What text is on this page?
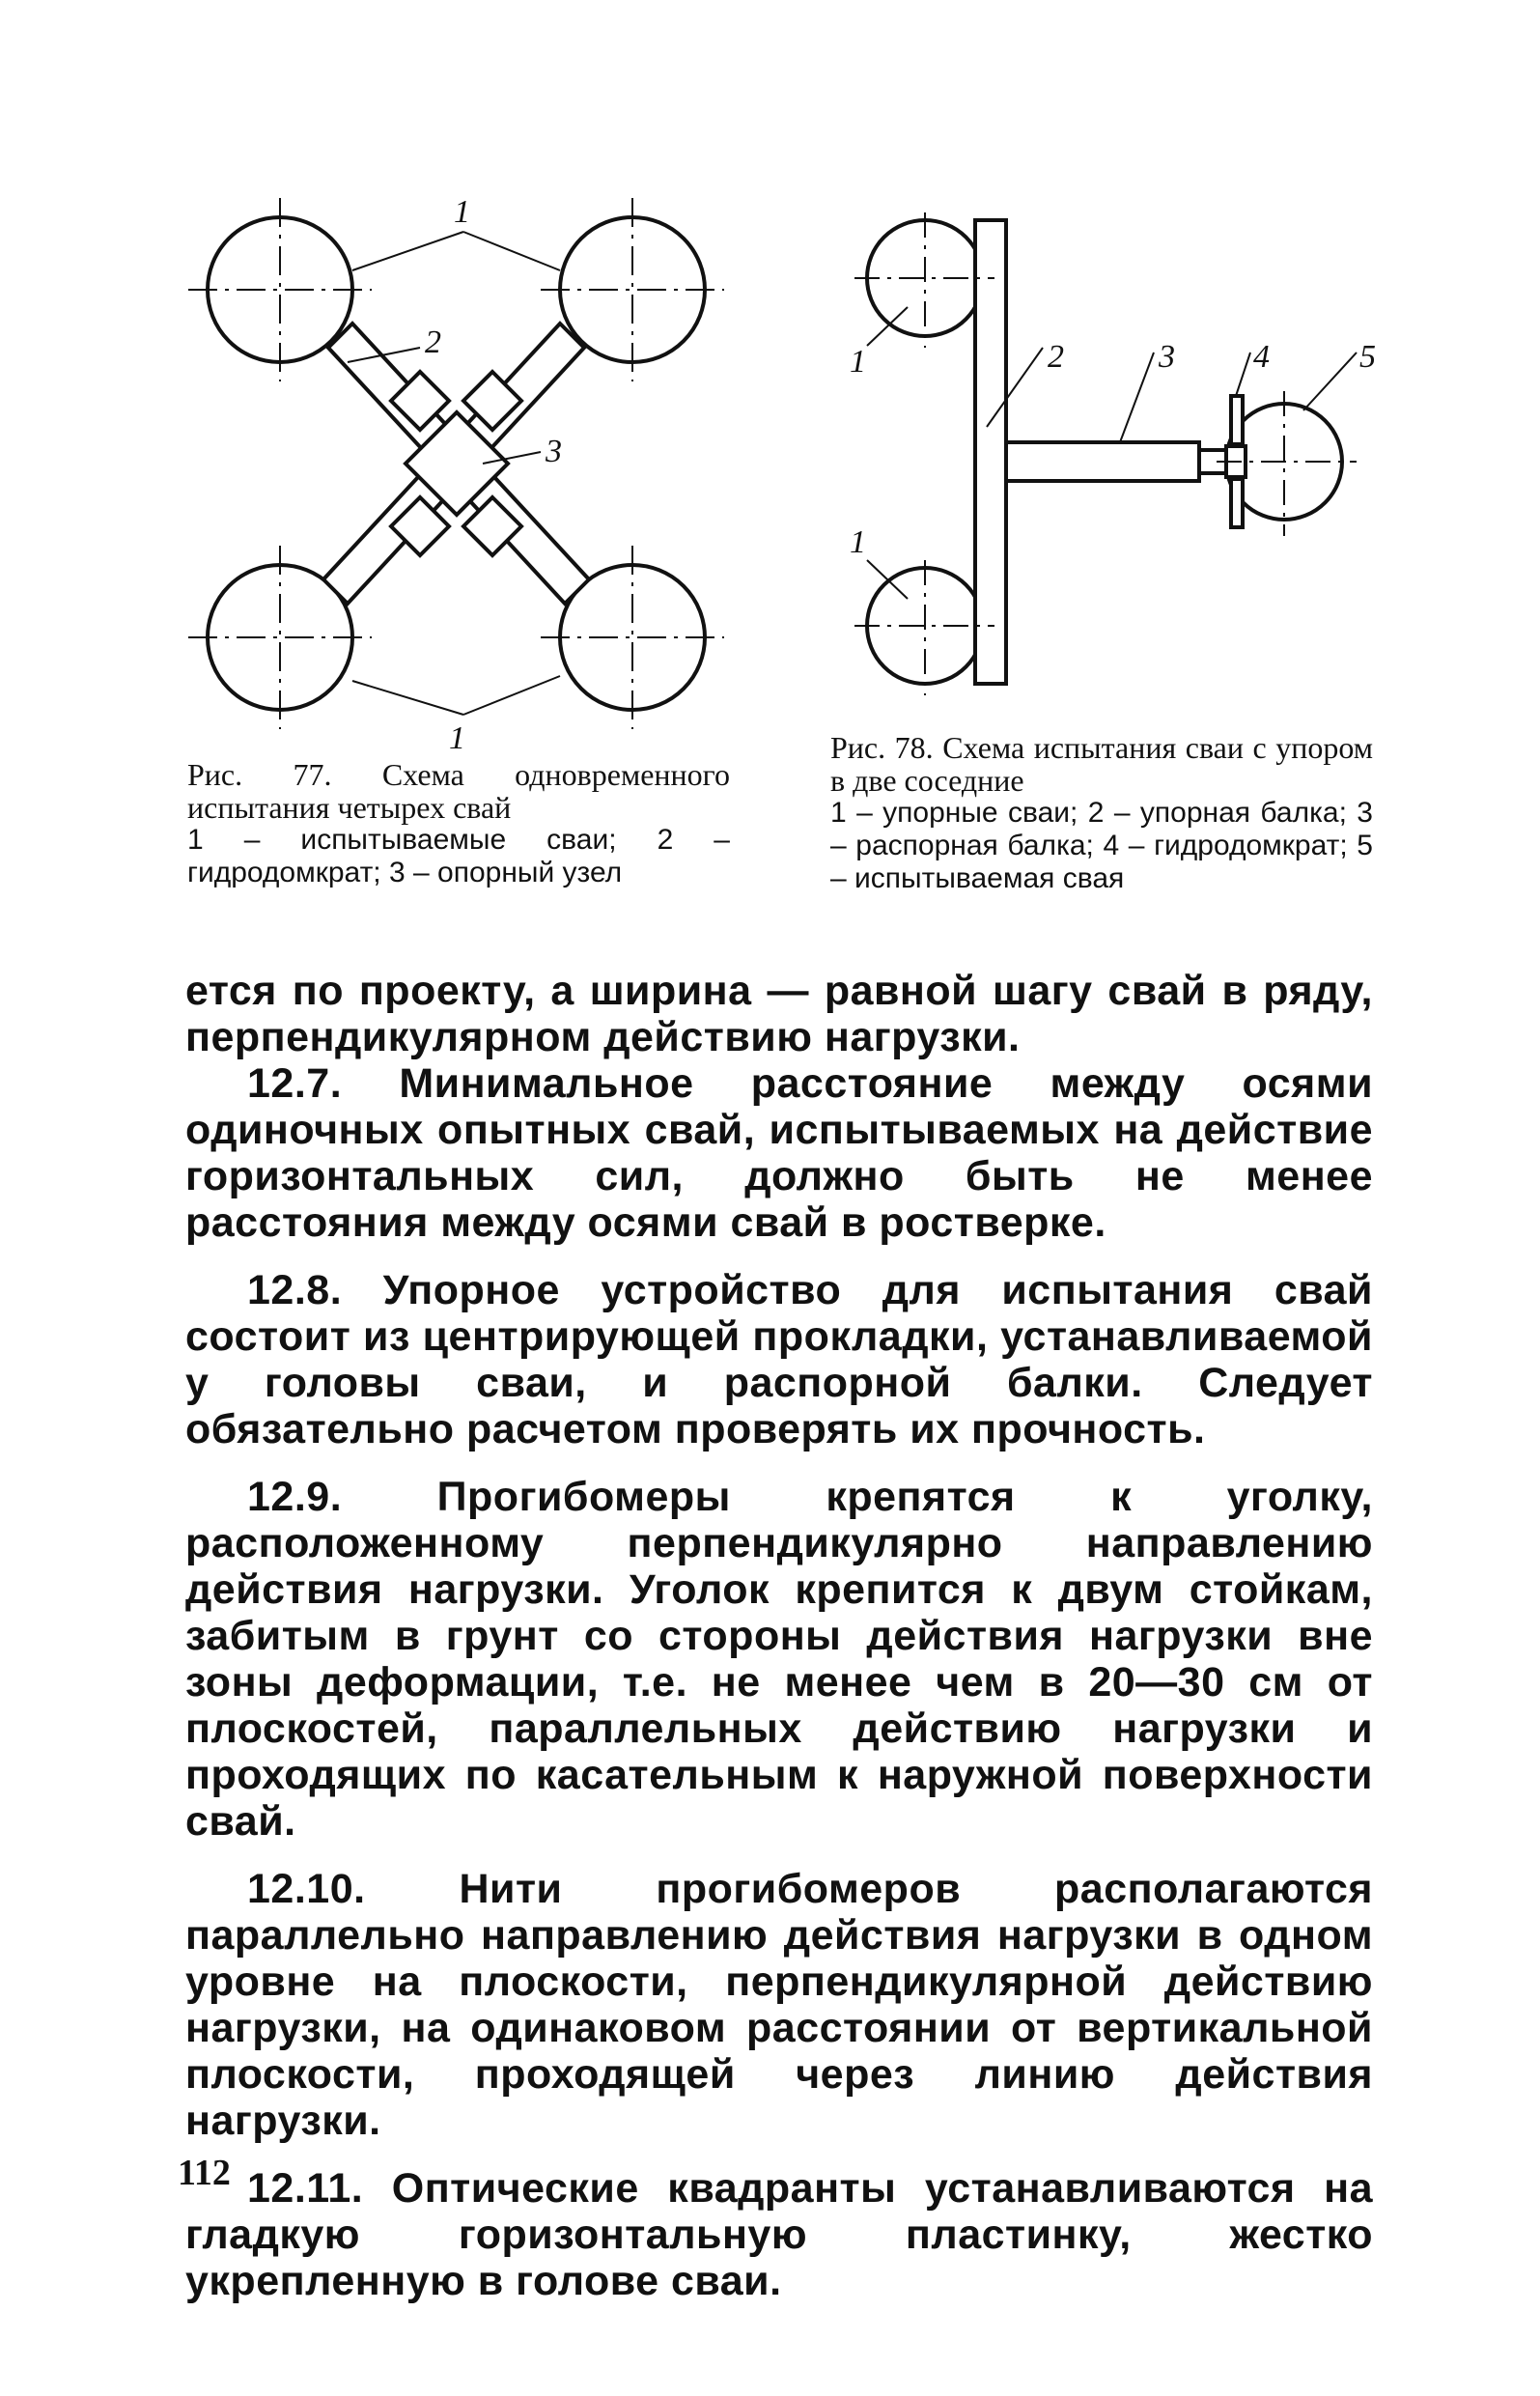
1
2
3
1
Рис. 77. Схема одновременного испытания четырех свай
1 – испытываемые сваи; 2 – гидродомкрат; 3 – опорный узел
1
1
2	3 4	5
Рис. 78. Схема испытания сваи с упором в две соседние
1 – упорные сваи; 2 – упорная балка; 3 – распорная балка; 4 – гидродомкрат; 5 – испытываемая свая

ется по проекту, а ширина — равной шагу свай в ряду, перпендикулярном действию нагрузки.

12.7. Минимальное расстояние между осями одиночных опытных свай, испытываемых на действие горизонтальных сил, должно быть не менее расстояния между осями свай в ростверке.

12.8. Упорное устройство для испытания свай состоит из центрирующей прокладки, устанавливаемой у головы сваи, и распорной балки. Следует обязательно расчетом проверять их прочность.

12.9. Прогибомеры крепятся к уголку, расположенному перпендикулярно направлению действия нагрузки. Уголок крепится к двум стойкам, забитым в грунт со стороны действия нагрузки вне зоны деформации, т.е. не менее чем в 20—30 см от плоскостей, параллельных действию нагрузки и проходящих по касательным к наружной поверхности свай.

12.10. Нити прогибомеров располагаются параллельно направлению действия нагрузки в одном уровне на плоскости, перпендикулярной действию нагрузки, на одинаковом расстоянии от вертикальной плоскости, проходящей через линию действия нагрузки.

12.11. Оптические квадранты устанавливаются на гладкую горизонтальную пластинку, жестко укрепленную в голове сваи.

112
